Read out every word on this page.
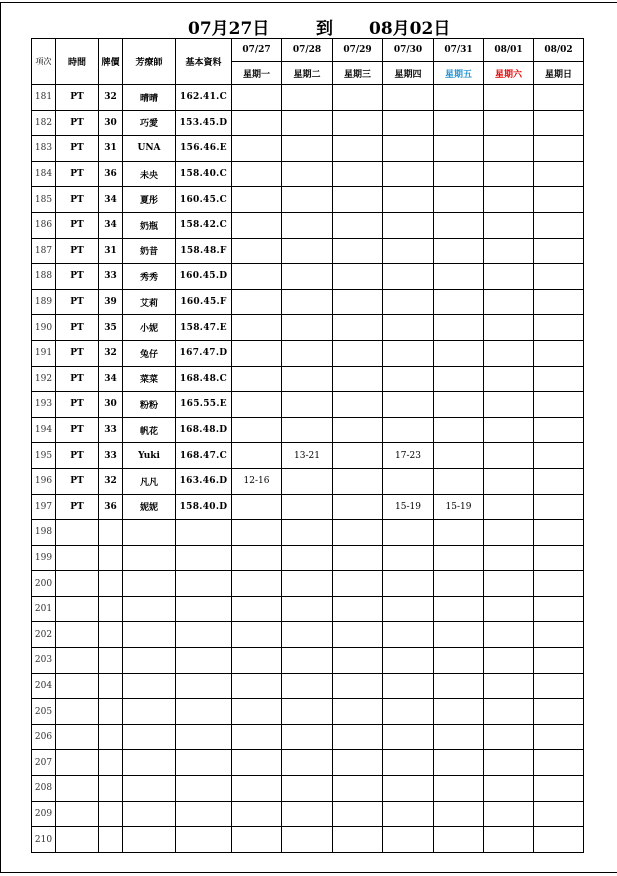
07月27日	到 08月02日
項次	時間	牌價	芳療師	基本資料	07/27	07/28	07/29	07/30	07/31	08/01	08/02
					星期一	星期二	星期三	星期四	星期五	星期六	星期日
181	PT	32	晴晴	162.41.C							
182	PT	30	巧愛	153.45.D							
183	PT	31	UNA	156.46.E							
184	PT	36	未央	158.40.C							
185	PT	34	夏彤	160.45.C							
186	PT	34	奶瓶	158.42.C							
187	PT	31	奶昔	158.48.F							
188	PT	33	秀秀	160.45.D							
189	PT	39	艾莉	160.45.F							
190	PT	35	小妮	158.47.E							
191	PT	32	兔仔	167.47.D							
192	PT	34	菜菜	168.48.C							
193	PT	30	粉粉	165.55.E							
194	PT	33	帆花	168.48.D							
195	PT	33	Yuki	168.47.C		13-21		17-23			
196	PT	32	凡凡	163.46.D	12-16						
197	PT	36	妮妮	158.40.D				15-19	15-19		
198											
199											
200											
201											
202											
203											
204											
205											
206											
207											
208											
209											
210											
